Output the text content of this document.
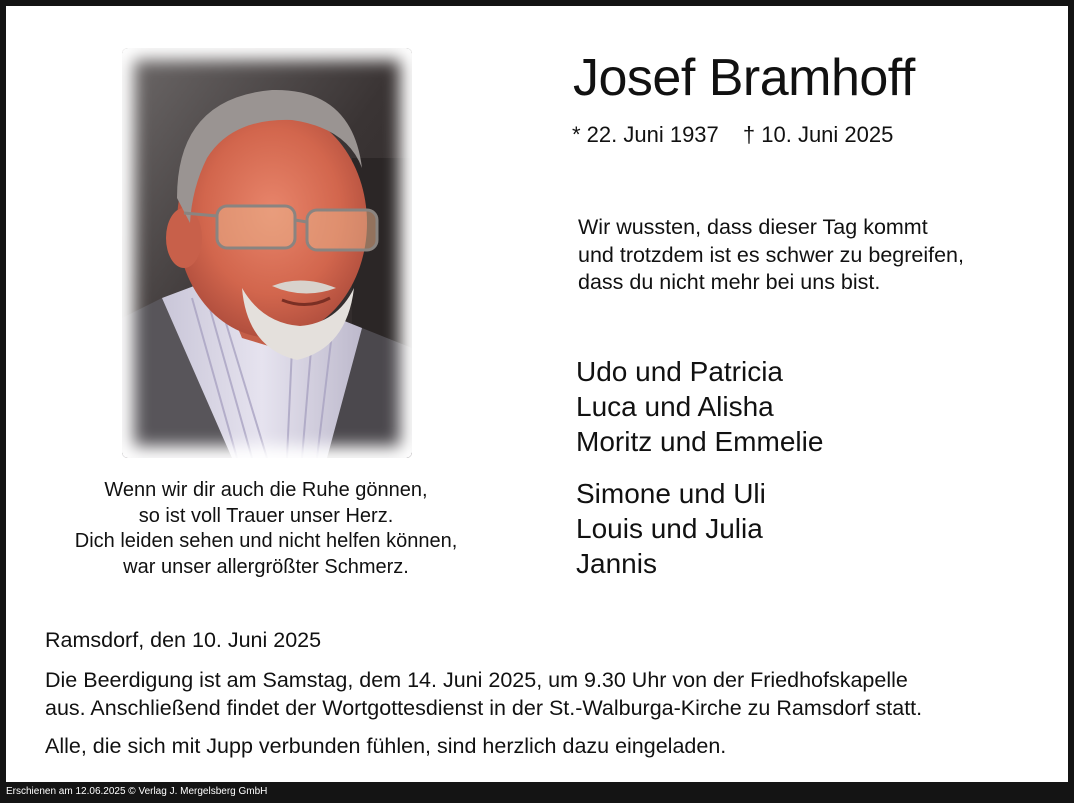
Josef Bramhoff
* 22. Juni 1937 † 10. Juni 2025
Wir wussten, dass dieser Tag kommt
und trotzdem ist es schwer zu begreifen,
dass du nicht mehr bei uns bist.
Udo und Patricia
Luca und Alisha
Moritz und Emmelie
Simone und Uli
Louis und Julia
Jannis
Wenn wir dir auch die Ruhe gönnen,
so ist voll Trauer unser Herz.
Dich leiden sehen und nicht helfen können,
war unser allergrößter Schmerz.
Ramsdorf, den 10. Juni 2025
Die Beerdigung ist am Samstag, dem 14. Juni 2025, um 9.30 Uhr von der Friedhofskapelle
aus. Anschließend findet der Wortgottesdienst in der St.-Walburga-Kirche zu Ramsdorf statt.
Alle, die sich mit Jupp verbunden fühlen, sind herzlich dazu eingeladen.
Erschienen am 12.06.2025 © Verlag J. Mergelsberg GmbH
